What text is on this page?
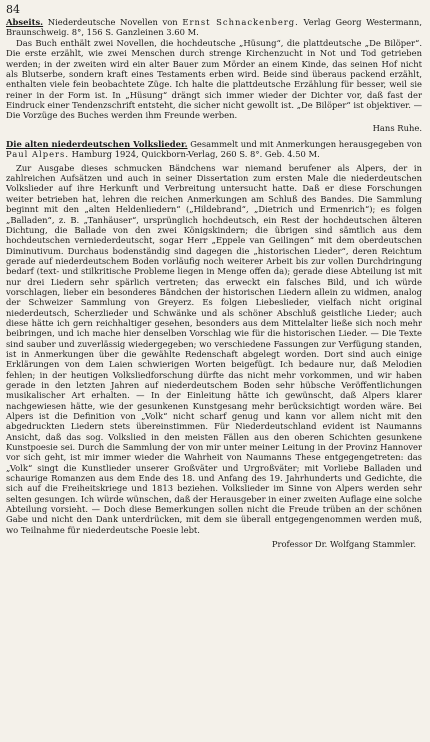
84

Abseits. Niederdeutsche Novellen von Ernst Schnackenberg. Verlag Georg Westermann, Braunschweig. 8°, 156 S. Ganzleinen 3.60 M.

Das Buch enthält zwei Novellen, die hochdeutsche „Hüsung“, die plattdeutsche „De Bilöper“. Die erste erzählt, wie zwei Menschen durch strenge Kirchenzucht in Not und Tod getrieben werden; in der zweiten wird ein alter Bauer zum Mörder an einem Kinde, das seinen Hof nicht als Blutserbe, sondern kraft eines Testaments erben wird. Beide sind überaus packend erzählt, enthalten viele fein beobachtete Züge. Ich halte die plattdeutsche Erzählung für besser, weil sie reiner in der Form ist. In „Hüsung“ drängt sich immer wieder der Dichter vor, daß fast der Eindruck einer Tendenzschrift entsteht, die sicher nicht gewollt ist. „De Bilöper“ ist objektiver. — Die Vorzüge des Buches werden ihm Freunde werben.

Hans Ruhe.

Die alten niederdeutschen Volkslieder. Gesammelt und mit Anmerkungen herausgegeben von Paul Alpers. Hamburg 1924, Quickborn-Verlag, 260 S. 8°. Geb. 4.50 M.

Zur Ausgabe dieses schmucken Bändchens war niemand berufener als Alpers, der in zahlreichen Aufsätzen und auch in seiner Dissertation zum ersten Male die niederdeutschen Volkslieder auf ihre Herkunft und Verbreitung untersucht hatte. Daß er diese Forschungen weiter betrieben hat, lehren die reichen Anmerkungen am Schluß des Bandes. Die Sammlung beginnt mit den „alten Heldenliedern“ („Hildebrand“, „Dietrich und Ermenrich“); es folgen „Balladen“, z. B. „Tanhäuser“, ursprünglich hochdeutsch, ein Rest der hochdeutschen älteren Dichtung, die Ballade von den zwei Königskindern; die übrigen sind sämtlich aus dem hochdeutschen verniederdeutscht, sogar Herr „Eppele van Geilingen“ mit dem oberdeutschen Diminutivum. Durchaus bodenständig sind dagegen die „historischen Lieder“, deren Reichtum gerade auf niederdeutschem Boden vorläufig noch weiterer Arbeit bis zur vollen Durchdringung bedarf (text- und stilkritische Probleme liegen in Menge offen da); gerade diese Abteilung ist mit nur drei Liedern sehr spärlich vertreten; das erweckt ein falsches Bild, und ich würde vorschlagen, lieber ein besonderes Bändchen der historischen Liedern allein zu widmen, analog der Schweizer Sammlung von Greyerz. Es folgen Liebeslieder, vielfach nicht original niederdeutsch, Scherzlieder und Schwänke und als schöner Abschluß geistliche Lieder; auch diese hätte ich gern reichhaltiger gesehen, besonders aus dem Mittelalter ließe sich noch mehr beibringen, und ich mache hier denselben Vorschlag wie für die historischen Lieder. — Die Texte sind sauber und zuverlässig wiedergegeben; wo verschiedene Fassungen zur Verfügung standen, ist in Anmerkungen über die gewählte Redenschaft abgelegt worden. Dort sind auch einige Erklärungen von dem Laien schwierigen Worten beigefügt. Ich bedaure nur, daß Melodien fehlen; in der heutigen Volksliedforschung dürfte das nicht mehr vorkommen, und wir haben gerade in den letzten Jahren auf niederdeutschem Boden sehr hübsche Veröffentlichungen musikalischer Art erhalten. — In der Einleitung hätte ich gewünscht, daß Alpers klarer nachgewiesen hätte, wie der gesunkenen Kunstgesang mehr berücksichtigt worden wäre. Bei Alpers ist die Definition von „Volk“ nicht scharf genug und kann vor allem nicht mit den abgedruckten Liedern stets übereinstimmen. Für Niederdeutschland evident ist Naumanns Ansicht, daß das sog. Volkslied in den meisten Fällen aus den oberen Schichten gesunkene Kunstpoesie sei. Durch die Sammlung der von mir unter meiner Leitung in der Provinz Hannover vor sich geht, ist mir immer wieder die Wahrheit von Naumanns These entgegengetreten: das „Volk“ singt die Kunstlieder unserer Großväter und Urgroßväter; mit Vorliebe Balladen und schaurige Romanzen aus dem Ende des 18. und Anfang des 19. Jahrhunderts und Gedichte, die sich auf die Freiheitskriege und 1813 beziehen. Volkslieder im Sinne von Alpers werden sehr selten gesungen. Ich würde wünschen, daß der Herausgeber in einer zweiten Auflage eine solche Abteilung vorsieht. — Doch diese Bemerkungen sollen nicht die Freude trüben an der schönen Gabe und nicht den Dank unterdrücken, mit dem sie überall entgegengenommen werden muß, wo Teilnahme für niederdeutsche Poesie lebt.

Professor Dr. Wolfgang Stammler.
